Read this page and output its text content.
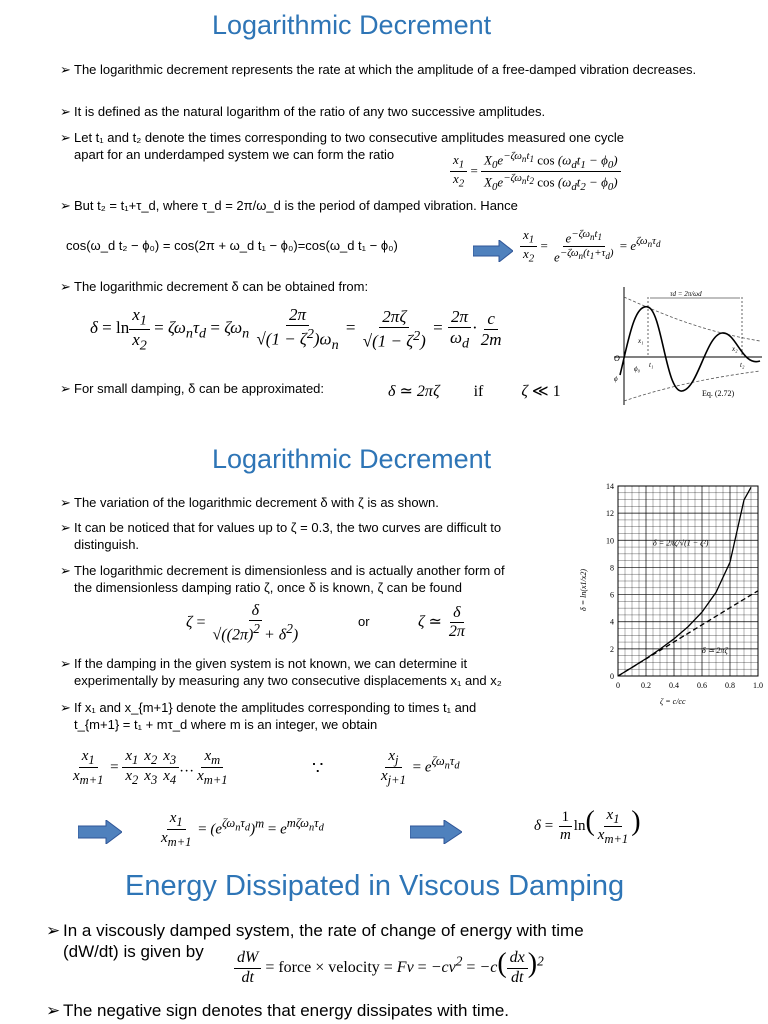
Logarithmic Decrement
➢ The logarithmic decrement represents the rate at which the amplitude of a free-damped vibration decreases.
➢ It is defined as the natural logarithm of the ratio of any two successive amplitudes.
➢ Let t₁ and t₂ denote the times corresponding to two consecutive amplitudes measured one cycle
apart for an underdamped system we can form the ratio	$\frac{x_1}{x_2} = \frac{X_0e^{-\zeta\omega_nt_1} \cos (\omega_dt_1 - \phi_0)}{X_0e^{-\zeta\omega_nt_2} \cos (\omega_dt_2 - \phi_0)}$
➢ But t₂ = t₁+τ_d, where τ_d = 2π/ω_d is the period of damped vibration. Hance
cos(ω_d t₂ − ϕ₀) = cos(2π + ω_d t₁ − ϕ₀)=cos(ω_d t₁ − ϕ₀)	$\frac{x_1}{x_2} = \frac{e^{-\zeta\omega_nt_1}}{e^{-\zeta\omega_n(t_1+\tau_d)}} = e^{\zeta\omega_n\tau_d}$
➢ The logarithmic decrement δ can be obtained from:
$\delta = \ln \frac{x_1}{x_2} = \zeta\omega_n\tau_d = \zeta\omega_n \frac{2\pi}{√(1 - \zeta^2)\omega_n} = \frac{2\pi\zeta}{√(1 - \zeta^2)} = \frac{2\pi}{\omega_d} \cdot \frac{c}{2m}$
➢ For small damping, δ can be approximated:	δ ≃ 2πζ if ζ ≪ 1
τd = 2π/ωd
x₁
x₂
O
t₁	t₂
ϕ₀
ϕ
Eq. (2.72)
Logarithmic Decrement
➢ The variation of the logarithmic decrement δ with ζ is as shown.
➢ It can be noticed that for values up to ζ = 0.3, the two curves are difficult to
distinguish.
➢ The logarithmic decrement is dimensionless and is actually another form of
the dimensionless damping ratio ζ, once δ is known, ζ can be found
$\zeta = \frac{\delta}{√((2\pi)^2 + \delta^2)}$	or	ζ ≃ $\frac{\delta}{2\pi}$
➢ If the damping in the given system is not known, we can determine it
experimentally by measuring any two consecutive displacements x₁ and x₂
➢ If x₁ and x_{m+1} denote the amplitudes corresponding to times t₁ and
t_{m+1} = t₁ + mτ_d where m is an integer, we obtain
$\frac{x_1}{x_{m+1}} = \frac{x_1}{x_2} \frac{x_2}{x_3} \frac{x_3}{x_4}$ … $\frac{x_m}{x_{m+1}}$	∵	$\frac{x_j}{x_{j+1}} = e^{\zeta\omega_n\tau_d}$
$\frac{x_1}{x_{m+1}} = (e^{\zeta\omega_n\tau_d})^m = e^{m\zeta\omega_n\tau_d}$	$\delta = \frac{1}{m} \ln( \frac{x_1}{x_{m+1}}$ )
0	0.2 0.4 0.6 0.8 1.0
0
2
4
6
8
10
12
14
δ = 2πζ/√(1 − ζ²)
δ ≃ 2πζ
δ = ln(x1/x2)
ζ = c/cc
Energy Dissipated in Viscous Damping
➢ In a viscously damped system, the rate of change of energy with time
(dW/dt) is given by	$\frac{dW}{dt}$ = force × velocity = $Fv = -cv^2 = -c( \frac{dx}{dt} )^2$
➢ The negative sign denotes that energy dissipates with time.
